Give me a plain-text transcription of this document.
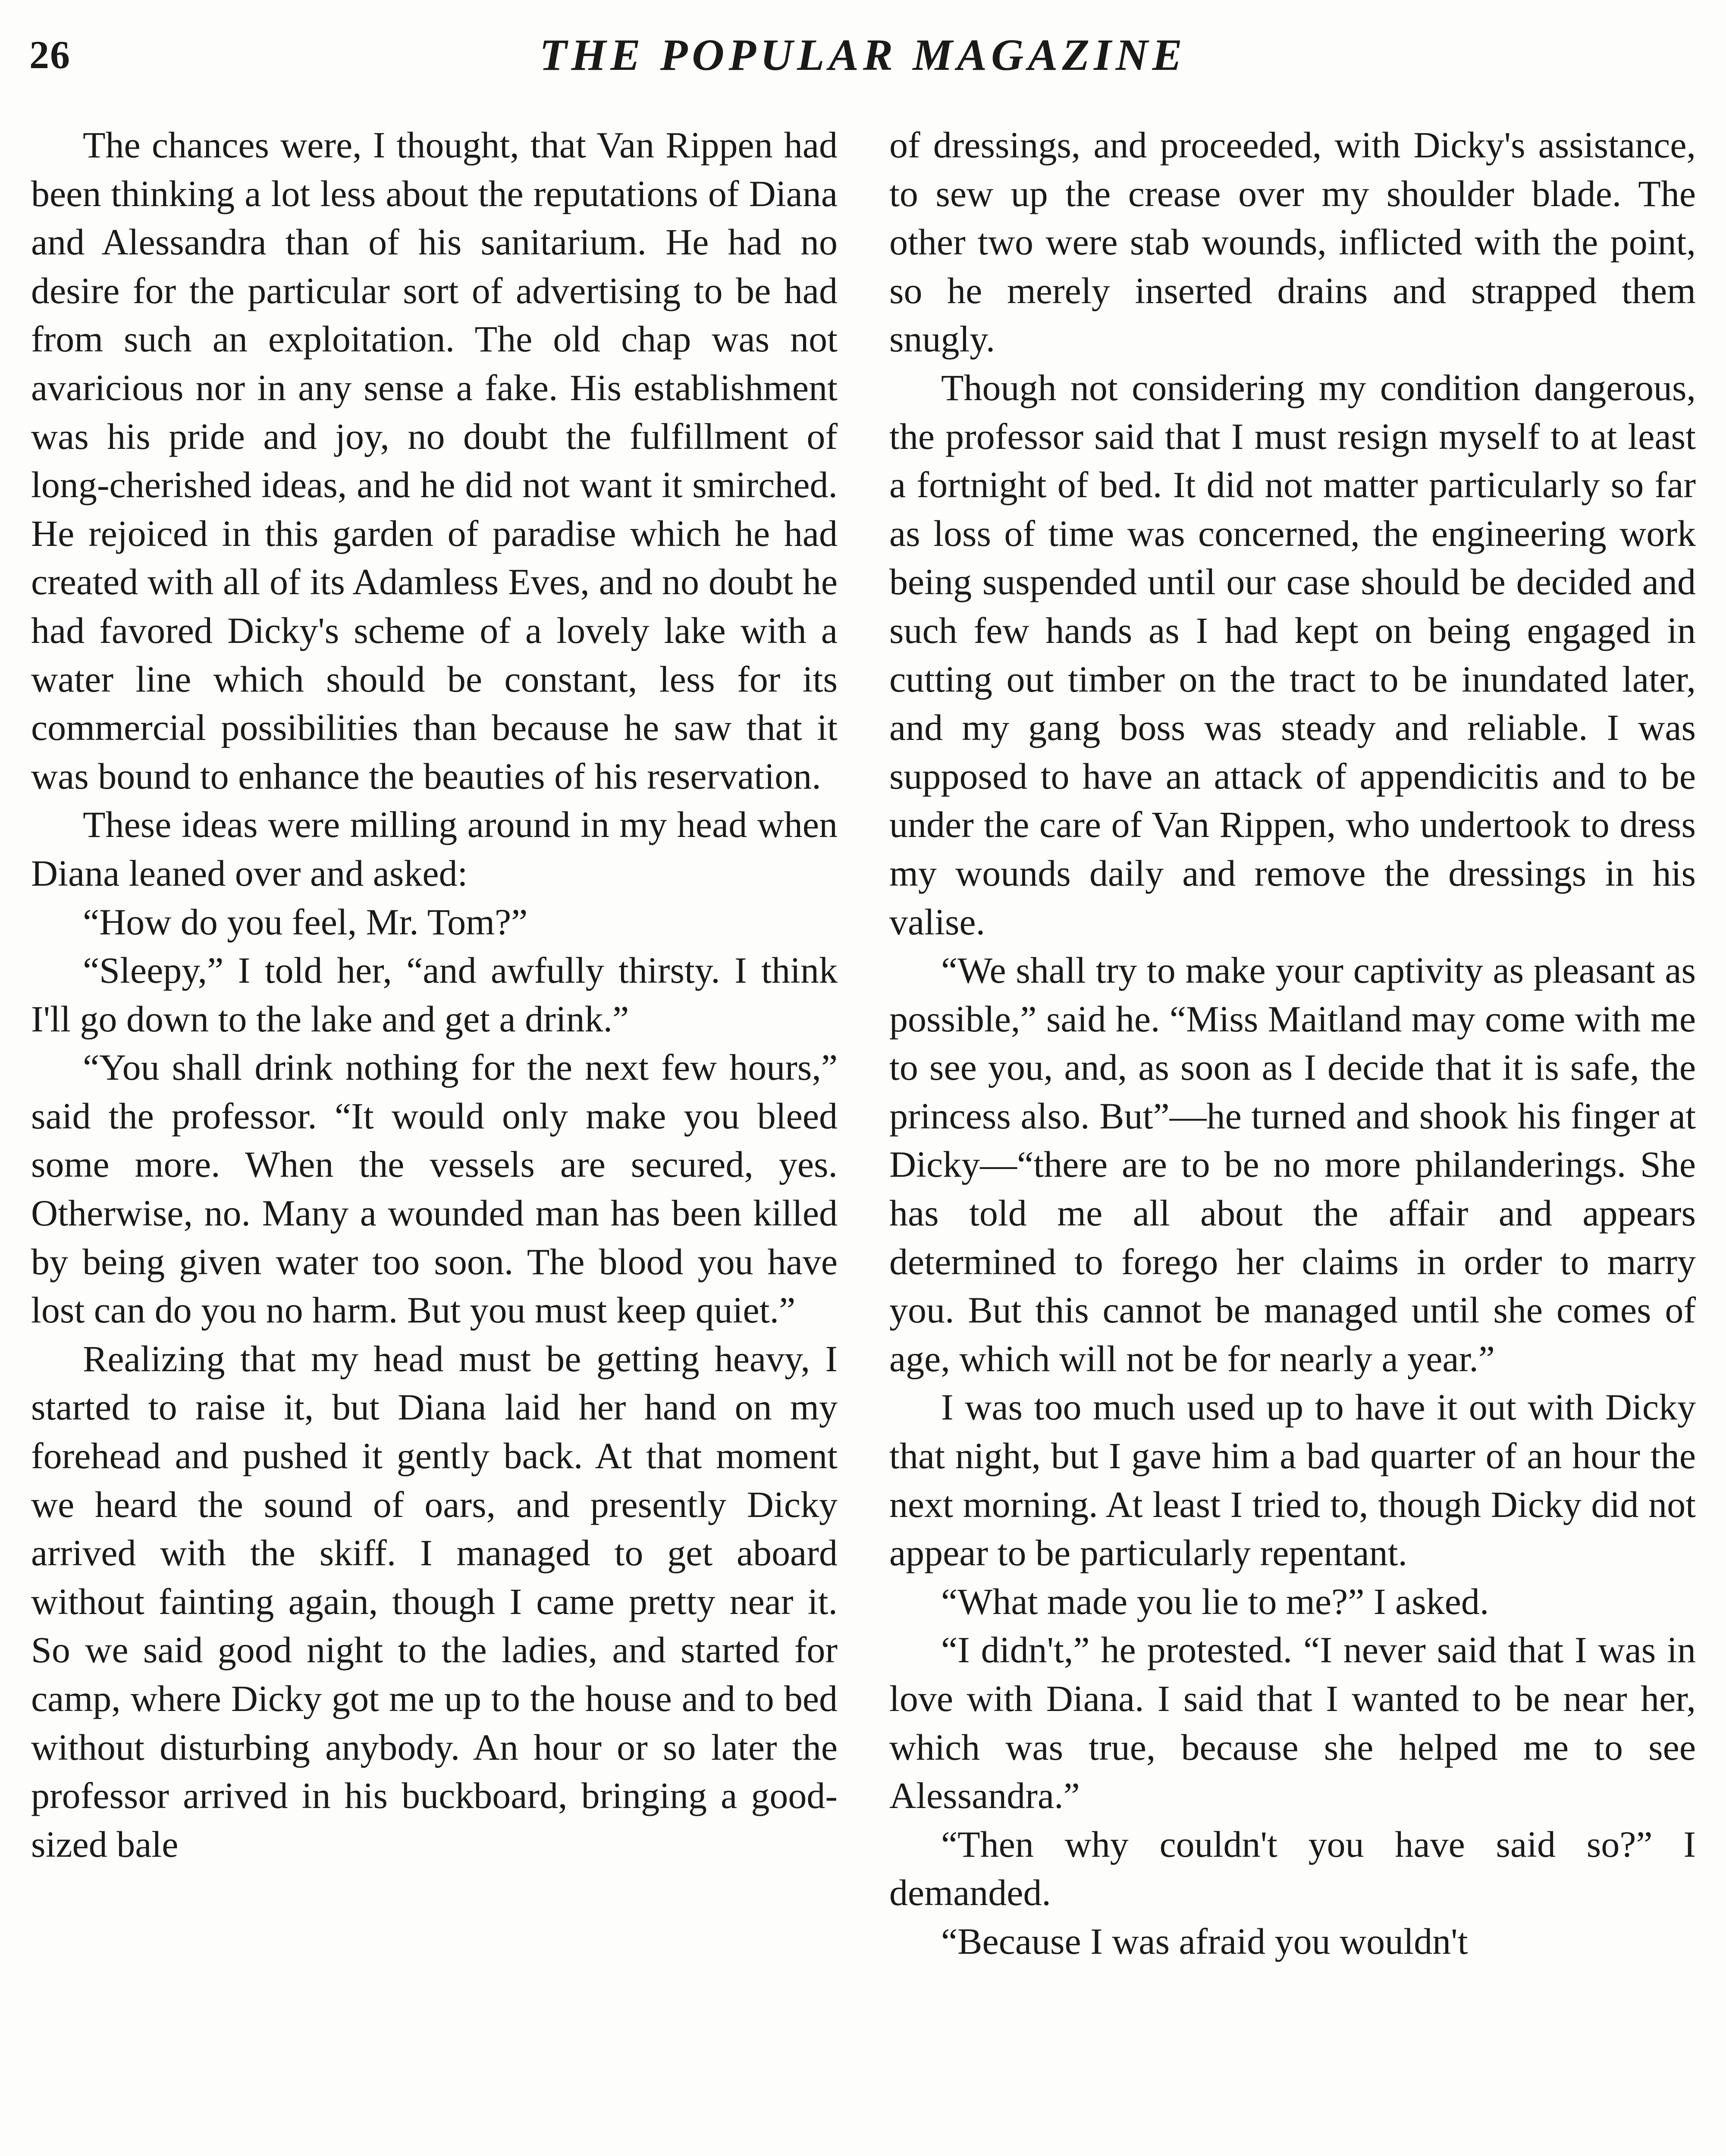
26	THE POPULAR MAGAZINE

The chances were, I thought, that Van Rippen had been thinking a lot less about the reputations of Diana and Alessandra than of his sanitarium. He had no desire for the particular sort of advertising to be had from such an exploitation. The old chap was not avaricious nor in any sense a fake. His establishment was his pride and joy, no doubt the fulfillment of long-cherished ideas, and he did not want it smirched. He rejoiced in this garden of paradise which he had created with all of its Adamless Eves, and no doubt he had favored Dicky's scheme of a lovely lake with a water line which should be constant, less for its commercial possibilities than because he saw that it was bound to enhance the beauties of his reservation.

These ideas were milling around in my head when Diana leaned over and asked:

“How do you feel, Mr. Tom?”

“Sleepy,” I told her, “and awfully thirsty. I think I'll go down to the lake and get a drink.”

“You shall drink nothing for the next few hours,” said the professor. “It would only make you bleed some more. When the vessels are secured, yes. Otherwise, no. Many a wounded man has been killed by being given water too soon. The blood you have lost can do you no harm. But you must keep quiet.”

Realizing that my head must be getting heavy, I started to raise it, but Diana laid her hand on my forehead and pushed it gently back. At that moment we heard the sound of oars, and presently Dicky arrived with the skiff. I managed to get aboard without fainting again, though I came pretty near it. So we said good night to the ladies, and started for camp, where Dicky got me up to the house and to bed without disturbing anybody. An hour or so later the professor arrived in his buckboard, bringing a good-sized bale

of dressings, and proceeded, with Dicky's assistance, to sew up the crease over my shoulder blade. The other two were stab wounds, inflicted with the point, so he merely inserted drains and strapped them snugly.

Though not considering my condition dangerous, the professor said that I must resign myself to at least a fortnight of bed. It did not matter particularly so far as loss of time was concerned, the engineering work being suspended until our case should be decided and such few hands as I had kept on being engaged in cutting out timber on the tract to be inundated later, and my gang boss was steady and reliable. I was supposed to have an attack of appendicitis and to be under the care of Van Rippen, who undertook to dress my wounds daily and remove the dressings in his valise.

“We shall try to make your captivity as pleasant as possible,” said he. “Miss Maitland may come with me to see you, and, as soon as I decide that it is safe, the princess also. But”—he turned and shook his finger at Dicky—“there are to be no more philanderings. She has told me all about the affair and appears determined to forego her claims in order to marry you. But this cannot be managed until she comes of age, which will not be for nearly a year.”

I was too much used up to have it out with Dicky that night, but I gave him a bad quarter of an hour the next morning. At least I tried to, though Dicky did not appear to be particularly repentant.

“What made you lie to me?” I asked.

“I didn't,” he protested. “I never said that I was in love with Diana. I said that I wanted to be near her, which was true, because she helped me to see Alessandra.”

“Then why couldn't you have said so?” I demanded.

“Because I was afraid you wouldn't
